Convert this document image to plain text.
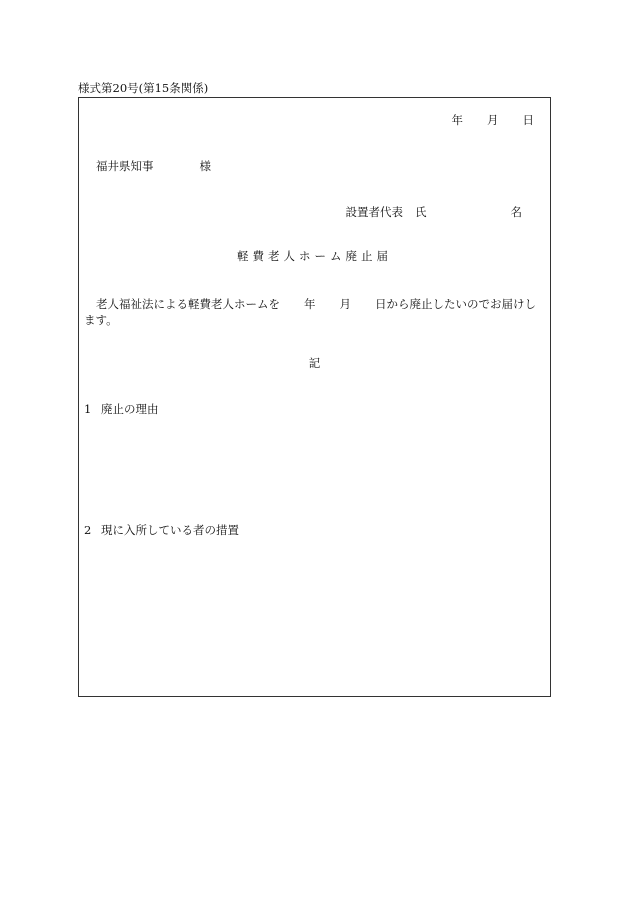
様式第20号(第15条関係)
年 月 日
福井県知事	様
設置者代表 氏	名
軽費老人ホーム廃止届
老人福祉法による軽費老人ホームを 年 月 日から廃止したいのでお届けします。
記
1 廃止の理由
2 現に入所している者の措置
